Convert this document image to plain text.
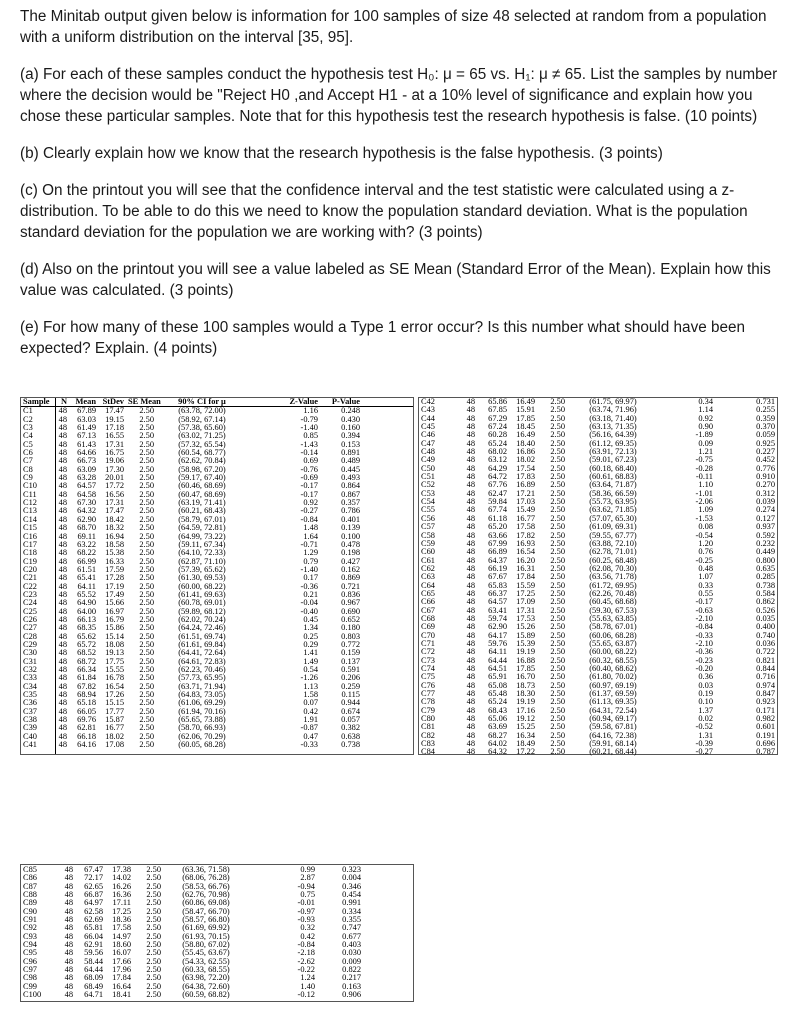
The Minitab output given below is information for 100 samples of size 48 selected at random from a population with a uniform distribution on the interval [35, 95].
(a) For each of these samples conduct the hypothesis test H₀: μ = 65 vs. H₁: μ ≠ 65. List the samples by number where the decision would be "Reject H0 ,and Accept H1 - at a 10% level of significance and explain how you chose these particular samples. Note that for this hypothesis test the research hypothesis is false. (10 points)
(b) Clearly explain how we know that the research hypothesis is the false hypothesis. (3 points)
(c) On the printout you will see that the confidence interval and the test statistic were calculated using a z-distribution. To be able to do this we need to know the population standard deviation. What is the population standard deviation for the population we are working with? (3 points)
(d) Also on the printout you will see a value labeled as SE Mean (Standard Error of the Mean). Explain how this value was calculated. (3 points)
(e) For how many of these 100 samples would a Type 1 error occur? Is this number what should have been expected? Explain. (4 points)
Sample	N	Mean	StDev	SE Mean	90% CI for μ	Z-Value	P-Value	
C1	48	67.89	17.47	2.50	(63.78, 72.00)	1.16	0.248	
C2	48	63.03	19.15	2.50	(58.92, 67.14)	-0.79	0.430	
C3	48	61.49	17.18	2.50	(57.38, 65.60)	-1.40	0.160	
C4	48	67.13	16.55	2.50	(63.02, 71.25)	0.85	0.394	
C5	48	61.43	17.31	2.50	(57.32, 65.54)	-1.43	0.153	
C6	48	64.66	16.75	2.50	(60.54, 68.77)	-0.14	0.891	
C7	48	66.73	19.06	2.50	(62.62, 70.84)	0.69	0.489	
C8	48	63.09	17.30	2.50	(58.98, 67.20)	-0.76	0.445	
C9	48	63.28	20.01	2.50	(59.17, 67.40)	-0.69	0.493	
C10	48	64.57	17.72	2.50	(60.46, 68.69)	-0.17	0.864	
C11	48	64.58	16.56	2.50	(60.47, 68.69)	-0.17	0.867	
C12	48	67.30	17.31	2.50	(63.19, 71.41)	0.92	0.357	
C13	48	64.32	17.47	2.50	(60.21, 68.43)	-0.27	0.786	
C14	48	62.90	18.42	2.50	(58.79, 67.01)	-0.84	0.401	
C15	48	68.70	18.32	2.50	(64.59, 72.81)	1.48	0.139	
C16	48	69.11	16.94	2.50	(64.99, 73.22)	1.64	0.100	
C17	48	63.22	18.58	2.50	(59.11, 67.34)	-0.71	0.478	
C18	48	68.22	15.38	2.50	(64.10, 72.33)	1.29	0.198	
C19	48	66.99	16.33	2.50	(62.87, 71.10)	0.79	0.427	
C20	48	61.51	17.59	2.50	(57.39, 65.62)	-1.40	0.162	
C21	48	65.41	17.28	2.50	(61.30, 69.53)	0.17	0.869	
C22	48	64.11	17.19	2.50	(60.00, 68.22)	-0.36	0.721	
C23	48	65.52	17.49	2.50	(61.41, 69.63)	0.21	0.836	
C24	48	64.90	15.66	2.50	(60.78, 69.01)	-0.04	0.967	
C25	48	64.00	16.97	2.50	(59.89, 68.12)	-0.40	0.690	
C26	48	66.13	16.79	2.50	(62.02, 70.24)	0.45	0.652	
C27	48	68.35	15.86	2.50	(64.24, 72.46)	1.34	0.180	
C28	48	65.62	15.14	2.50	(61.51, 69.74)	0.25	0.803	
C29	48	65.72	18.08	2.50	(61.61, 69.84)	0.29	0.772	
C30	48	68.52	19.13	2.50	(64.41, 72.64)	1.41	0.159	
C31	48	68.72	17.75	2.50	(64.61, 72.83)	1.49	0.137	
C32	48	66.34	15.55	2.50	(62.23, 70.46)	0.54	0.591	
C33	48	61.84	16.78	2.50	(57.73, 65.95)	-1.26	0.206	
C34	48	67.82	16.54	2.50	(63.71, 71.94)	1.13	0.259	
C35	48	68.94	17.26	2.50	(64.83, 73.05)	1.58	0.115	
C36	48	65.18	15.15	2.50	(61.06, 69.29)	0.07	0.944	
C37	48	66.05	17.77	2.50	(61.94, 70.16)	0.42	0.674	
C38	48	69.76	15.87	2.50	(65.65, 73.88)	1.91	0.057	
C39	48	62.81	16.77	2.50	(58.70, 66.93)	-0.87	0.382	
C40	48	66.18	18.02	2.50	(62.06, 70.29)	0.47	0.638	
C41	48	64.16	17.08	2.50	(60.05, 68.28)	-0.33	0.738	
C42	48	65.86	16.49	2.50	(61.75, 69.97)	0.34	0.731
C43	48	67.85	15.91	2.50	(63.74, 71.96)	1.14	0.255
C44	48	67.29	17.85	2.50	(63.18, 71.40)	0.92	0.359
C45	48	67.24	18.45	2.50	(63.13, 71.35)	0.90	0.370
C46	48	60.28	16.49	2.50	(56.16, 64.39)	-1.89	0.059
C47	48	65.24	18.40	2.50	(61.12, 69.35)	0.09	0.925
C48	48	68.02	16.86	2.50	(63.91, 72.13)	1.21	0.227
C49	48	63.12	18.02	2.50	(59.01, 67.23)	-0.75	0.452
C50	48	64.29	17.54	2.50	(60.18, 68.40)	-0.28	0.776
C51	48	64.72	17.83	2.50	(60.61, 68.83)	-0.11	0.910
C52	48	67.76	16.89	2.50	(63.64, 71.87)	1.10	0.270
C53	48	62.47	17.21	2.50	(58.36, 66.59)	-1.01	0.312
C54	48	59.84	17.03	2.50	(55.73, 63.95)	-2.06	0.039
C55	48	67.74	15.49	2.50	(63.62, 71.85)	1.09	0.274
C56	48	61.18	16.77	2.50	(57.07, 65.30)	-1.53	0.127
C57	48	65.20	17.58	2.50	(61.09, 69.31)	0.08	0.937
C58	48	63.66	17.82	2.50	(59.55, 67.77)	-0.54	0.592
C59	48	67.99	16.93	2.50	(63.88, 72.10)	1.20	0.232
C60	48	66.89	16.54	2.50	(62.78, 71.01)	0.76	0.449
C61	48	64.37	16.20	2.50	(60.25, 68.48)	-0.25	0.800
C62	48	66.19	16.31	2.50	(62.08, 70.30)	0.48	0.635
C63	48	67.67	17.84	2.50	(63.56, 71.78)	1.07	0.285
C64	48	65.83	15.59	2.50	(61.72, 69.95)	0.33	0.738
C65	48	66.37	17.25	2.50	(62.26, 70.48)	0.55	0.584
C66	48	64.57	17.09	2.50	(60.45, 68.68)	-0.17	0.862
C67	48	63.41	17.31	2.50	(59.30, 67.53)	-0.63	0.526
C68	48	59.74	17.53	2.50	(55.63, 63.85)	-2.10	0.035
C69	48	62.90	15.26	2.50	(58.78, 67.01)	-0.84	0.400
C70	48	64.17	15.89	2.50	(60.06, 68.28)	-0.33	0.740
C71	48	59.76	15.39	2.50	(55.65, 63.87)	-2.10	0.036
C72	48	64.11	19.19	2.50	(60.00, 68.22)	-0.36	0.722
C73	48	64.44	16.88	2.50	(60.32, 68.55)	-0.23	0.821
C74	48	64.51	17.85	2.50	(60.40, 68.62)	-0.20	0.844
C75	48	65.91	16.70	2.50	(61.80, 70.02)	0.36	0.716
C76	48	65.08	18.73	2.50	(60.97, 69.19)	0.03	0.974
C77	48	65.48	18.30	2.50	(61.37, 69.59)	0.19	0.847
C78	48	65.24	19.19	2.50	(61.13, 69.35)	0.10	0.923
C79	48	68.43	17.16	2.50	(64.31, 72.54)	1.37	0.171
C80	48	65.06	19.12	2.50	(60.94, 69.17)	0.02	0.982
C81	48	63.69	15.25	2.50	(59.58, 67.81)	-0.52	0.601
C82	48	68.27	16.34	2.50	(64.16, 72.38)	1.31	0.191
C83	48	64.02	18.49	2.50	(59.91, 68.14)	-0.39	0.696
C84	48	64.32	17.22	2.50	(60.21, 68.44)	-0.27	0.787
C85	48	67.47	17.38	2.50	(63.36, 71.58)	0.99	0.323	
C86	48	72.17	14.02	2.50	(68.06, 76.28)	2.87	0.004	
C87	48	62.65	16.26	2.50	(58.53, 66.76)	-0.94	0.346	
C88	48	66.87	16.36	2.50	(62.76, 70.98)	0.75	0.454	
C89	48	64.97	17.11	2.50	(60.86, 69.08)	-0.01	0.991	
C90	48	62.58	17.25	2.50	(58.47, 66.70)	-0.97	0.334	
C91	48	62.69	18.36	2.50	(58.57, 66.80)	-0.93	0.355	
C92	48	65.81	17.58	2.50	(61.69, 69.92)	0.32	0.747	
C93	48	66.04	14.97	2.50	(61.93, 70.15)	0.42	0.677	
C94	48	62.91	18.60	2.50	(58.80, 67.02)	-0.84	0.403	
C95	48	59.56	16.07	2.50	(55.45, 63.67)	-2.18	0.030	
C96	48	58.44	17.66	2.50	(54.33, 62.55)	-2.62	0.009	
C97	48	64.44	17.96	2.50	(60.33, 68.55)	-0.22	0.822	
C98	48	68.09	17.84	2.50	(63.98, 72.20)	1.24	0.217	
C99	48	68.49	16.64	2.50	(64.38, 72.60)	1.40	0.163	
C100	48	64.71	18.41	2.50	(60.59, 68.82)	-0.12	0.906	
